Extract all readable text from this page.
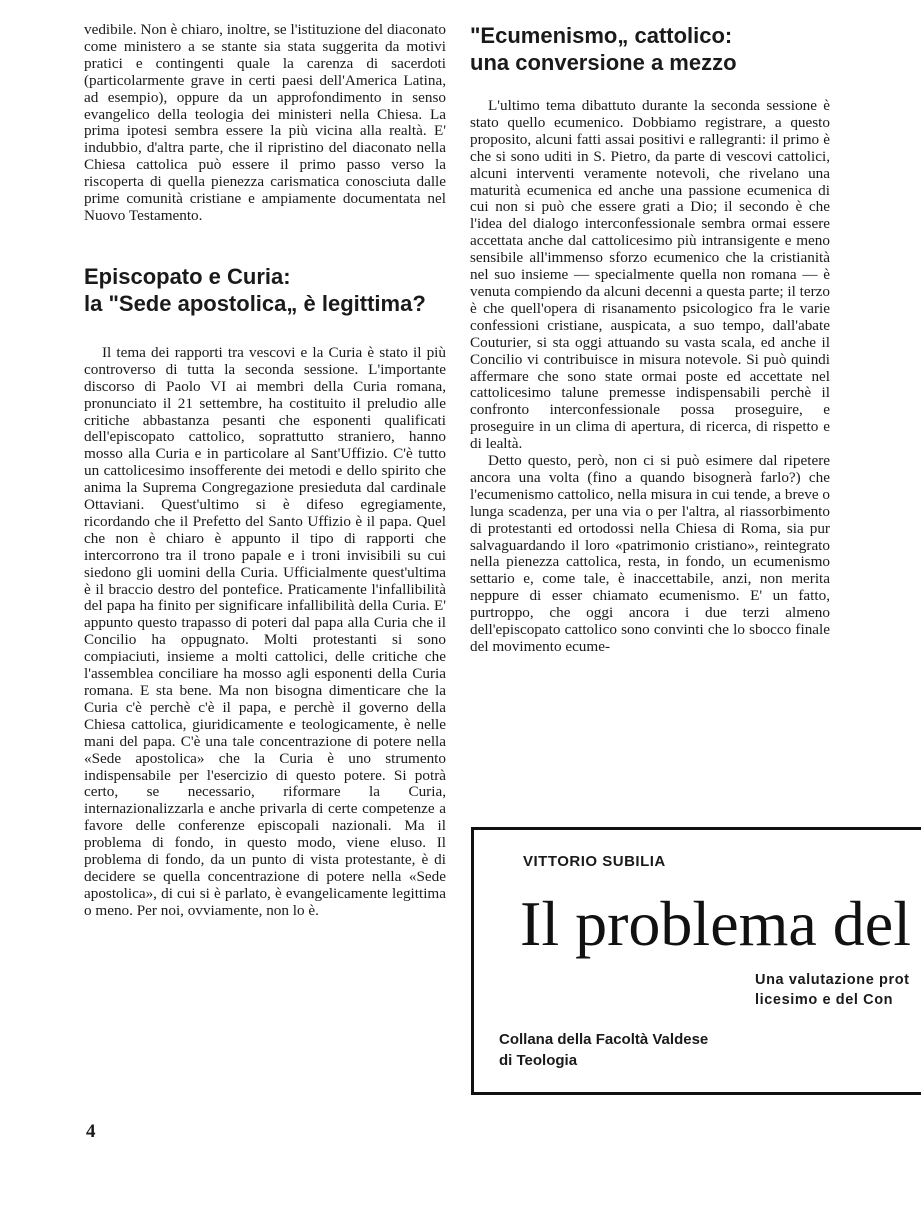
vedibile. Non è chiaro, inoltre, se l'istituzione del diaconato come ministero a se stante sia stata suggerita da motivi pratici e contingenti quale la carenza di sacerdoti (particolarmente grave in certi paesi dell'America Latina, ad esempio), oppure da un approfondimento in senso evangelico della teologia dei ministeri nella Chiesa. La prima ipotesi sembra essere la più vicina alla realtà. E' indubbio, d'altra parte, che il ripristino del diaconato nella Chiesa cattolica può essere il primo passo verso la riscoperta di quella pienezza carismatica conosciuta dalle prime comunità cristiane e ampiamente documentata nel Nuovo Testamento.

Episcopato e Curia:
la "Sede apostolica„ è legittima?

Il tema dei rapporti tra vescovi e la Curia è stato il più controverso di tutta la seconda sessione. L'importante discorso di Paolo VI ai membri della Curia romana, pronunciato il 21 settembre, ha costituito il preludio alle critiche abbastanza pesanti che esponenti qualificati dell'episcopato cattolico, soprattutto straniero, hanno mosso alla Curia e in particolare al Sant'Uffizio. C'è tutto un cattolicesimo insofferente dei metodi e dello spirito che anima la Suprema Congregazione presieduta dal cardinale Ottaviani. Quest'ultimo si è difeso egregiamente, ricordando che il Prefetto del Santo Uffizio è il papa. Quel che non è chiaro è appunto il tipo di rapporti che intercorrono tra il trono papale e i troni invisibili su cui siedono gli uomini della Curia. Ufficialmente quest'ultima è il braccio destro del pontefice. Praticamente l'infallibilità del papa ha finito per significare infallibilità della Curia. E' appunto questo trapasso di poteri dal papa alla Curia che il Concilio ha oppugnato. Molti protestanti si sono compiaciuti, insieme a molti cattolici, delle critiche che l'assemblea conciliare ha mosso agli esponenti della Curia romana. E sta bene. Ma non bisogna dimenticare che la Curia c'è perchè c'è il papa, e perchè il governo della Chiesa cattolica, giuridicamente e teologicamente, è nelle mani del papa. C'è una tale concentrazione di potere nella «Sede apostolica» che la Curia è uno strumento indispensabile per l'esercizio di questo potere. Si potrà certo, se necessario, riformare la Curia, internazionalizzarla e anche privarla di certe competenze a favore delle conferenze episcopali nazionali. Ma il problema di fondo, in questo modo, viene eluso. Il problema di fondo, da un punto di vista protestante, è di decidere se quella concentrazione di potere nella «Sede apostolica», di cui si è parlato, è evangelicamente legittima o meno. Per noi, ovviamente, non lo è.

"Ecumenismo„ cattolico:
una conversione a mezzo

L'ultimo tema dibattuto durante la seconda sessione è stato quello ecumenico. Dobbiamo registrare, a questo proposito, alcuni fatti assai positivi e rallegranti: il primo è che si sono uditi in S. Pietro, da parte di vescovi cattolici, alcuni interventi veramente notevoli, che rivelano una maturità ecumenica ed anche una passione ecumenica di cui non si può che essere grati a Dio; il secondo è che l'idea del dialogo interconfessionale sembra ormai essere accettata anche dal cattolicesimo più intransigente e meno sensibile all'immenso sforzo ecumenico che la cristianità nel suo insieme — specialmente quella non romana — è venuta compiendo da alcuni decenni a questa parte; il terzo è che quell'opera di risanamento psicologico fra le varie confessioni cristiane, auspicata, a suo tempo, dall'abate Couturier, si sta oggi attuando su vasta scala, ed anche il Concilio vi contribuisce in misura notevole. Si può quindi affermare che sono state ormai poste ed accettate nel cattolicesimo talune premesse indispensabili perchè il confronto interconfessionale possa proseguire, e proseguire in un clima di apertura, di ricerca, di rispetto e di lealtà.

Detto questo, però, non ci si può esimere dal ripetere ancora una volta (fino a quando bisognerà farlo?) che l'ecumenismo cattolico, nella misura in cui tende, a breve o lunga scadenza, per una via o per l'altra, al riassorbimento di protestanti ed ortodossi nella Chiesa di Roma, sia pur salvaguardando il loro «patrimonio cristiano», reintegrato nella pienezza cattolica, resta, in fondo, un ecumenismo settario e, come tale, è inaccettabile, anzi, non merita neppure di esser chiamato ecumenismo. E' un fatto, purtroppo, che oggi ancora i due terzi almeno dell'episcopato cattolico sono convinti che lo sbocco finale del movimento ecume-

VITTORIO SUBILIA
Il problema del
Una valutazione prot
licesimo e del Con
Collana della Facoltà Valdese
di Teologia
4
